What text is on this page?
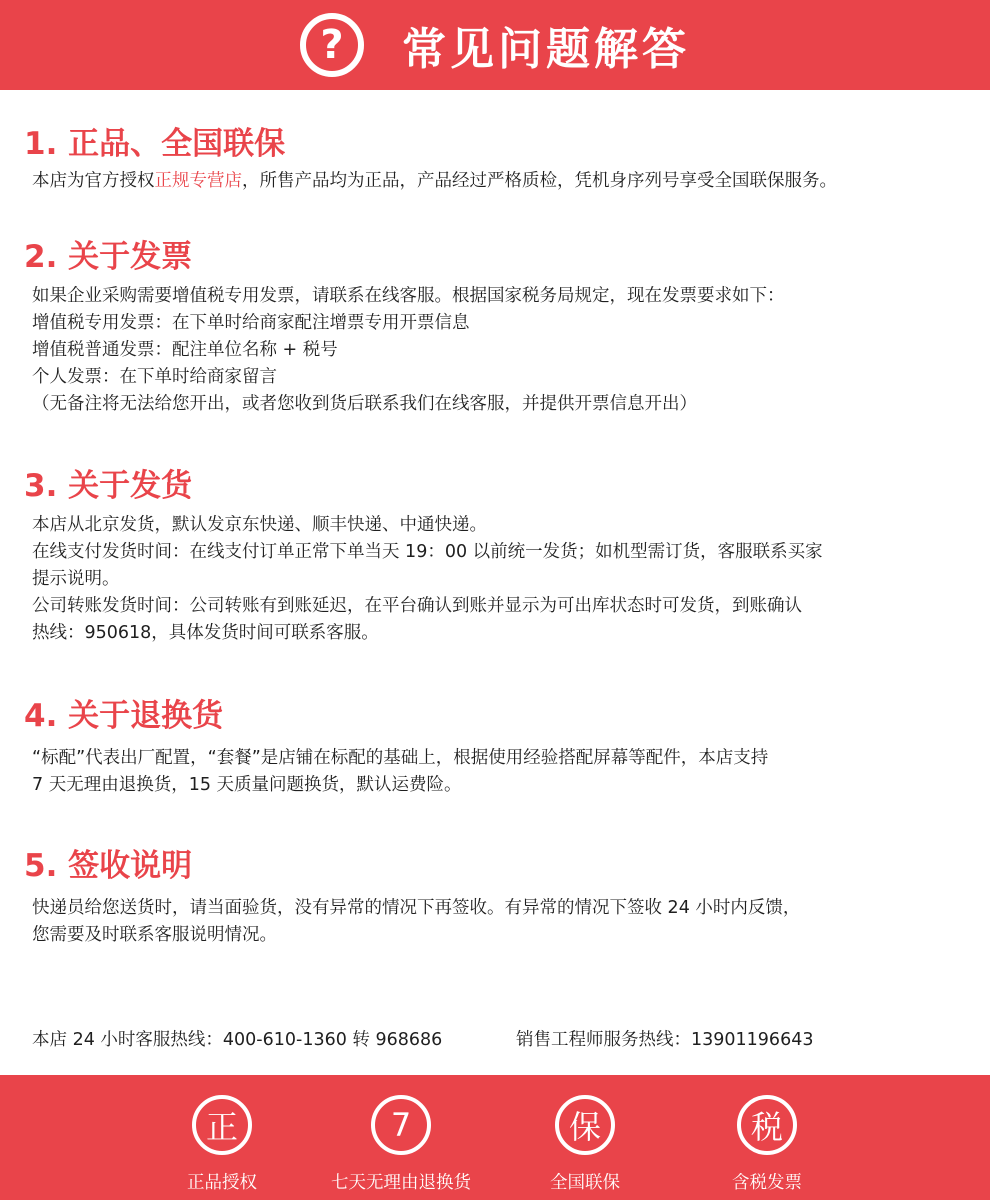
?	常见问题解答
1. 正品、全国联保
本店为官方授权正规专营店，所售产品均为正品，产品经过严格质检，凭机身序列号享受全国联保服务。
2. 关于发票
如果企业采购需要增值税专用发票，请联系在线客服。根据国家税务局规定，现在发票要求如下：
增值税专用发票：在下单时给商家配注增票专用开票信息
增值税普通发票：配注单位名称 + 税号
个人发票：在下单时给商家留言
（无备注将无法给您开出，或者您收到货后联系我们在线客服，并提供开票信息开出）
3. 关于发货
本店从北京发货，默认发京东快递、顺丰快递、中通快递。
在线支付发货时间：在线支付订单正常下单当天 19：00 以前统一发货；如机型需订货，客服联系买家
提示说明。
公司转账发货时间：公司转账有到账延迟，在平台确认到账并显示为可出库状态时可发货，到账确认
热线：950618，具体发货时间可联系客服。
4. 关于退换货
“标配”代表出厂配置，“套餐”是店铺在标配的基础上，根据使用经验搭配屏幕等配件，本店支持
7 天无理由退换货，15 天质量问题换货，默认运费险。
5. 签收说明
快递员给您送货时，请当面验货，没有异常的情况下再签收。有异常的情况下签收 24 小时内反馈，
您需要及时联系客服说明情况。
本店 24 小时客服热线：400-610-1360 转 968686	销售工程师服务热线：13901196643
正
正品授权
7
七天无理由退换货
保
全国联保
税
含税发票
